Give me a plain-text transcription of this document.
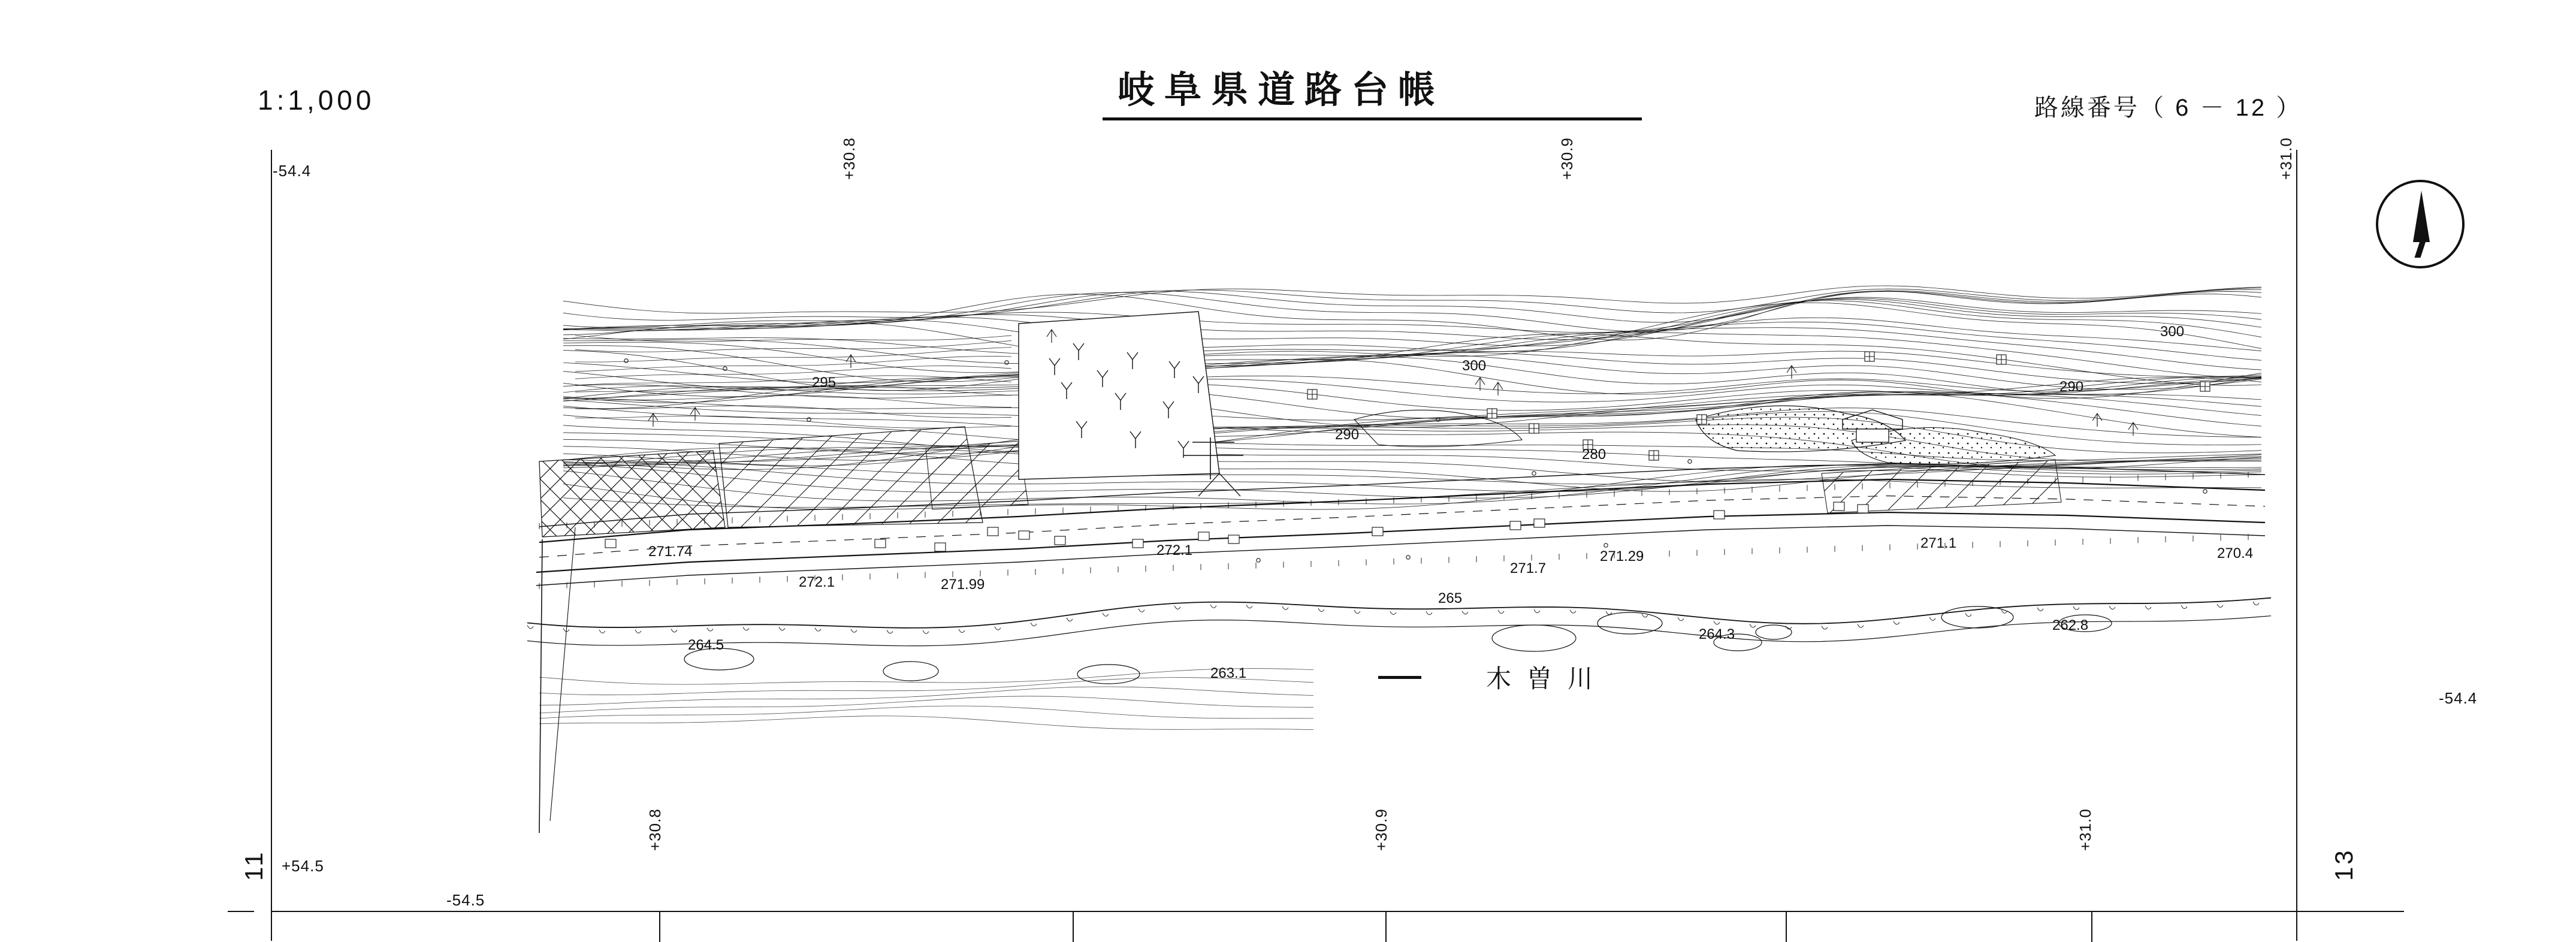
1:1,000	岐阜県道路台帳	路線番号（ 6 － 12 ）
11	13
-54.4	+30.8	+30.9	+31.0
-54.4
+54.5
-54.5
+30.8	+30.9	+31.0
295
300
300
290
290
280
265
271.74
272.1	271.99
272.1
271.7
271.29
271.1
270.4
264.5
263.1
264.3
262.8
木曽川
